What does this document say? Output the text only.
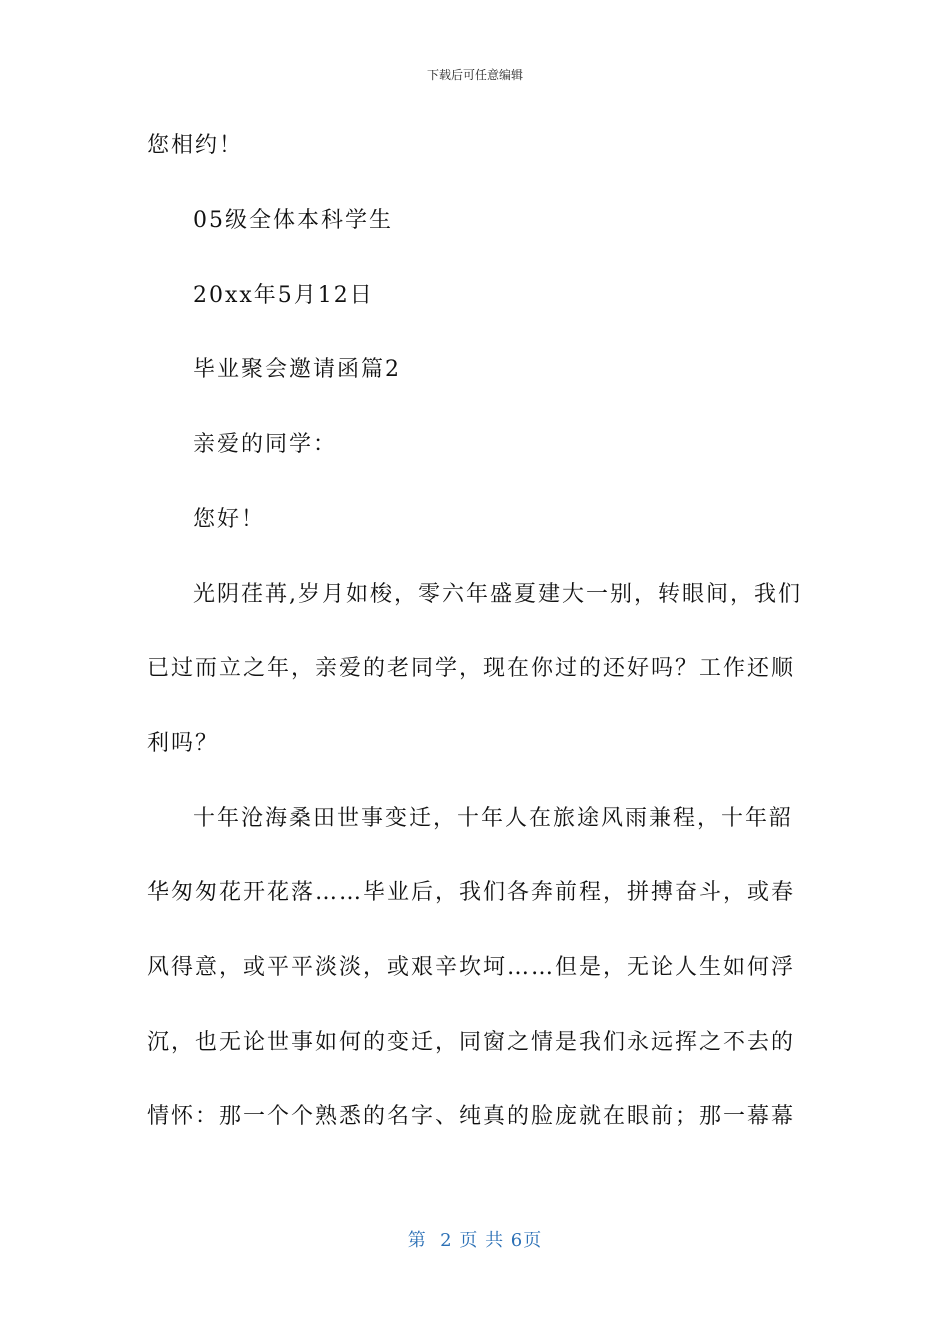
下载后可任意编辑
您相约！
05级全体本科学生
20xx年5月12日
毕业聚会邀请函篇2
亲爱的同学：
您好！
光阴荏苒,岁月如梭，零六年盛夏建大一别，转眼间，我们
已过而立之年，亲爱的老同学，现在你过的还好吗？工作还顺
利吗？
十年沧海桑田世事变迁，十年人在旅途风雨兼程，十年韶
华匆匆花开花落……毕业后，我们各奔前程，拼搏奋斗，或春
风得意，或平平淡淡，或艰辛坎坷……但是，无论人生如何浮
沉，也无论世事如何的变迁，同窗之情是我们永远挥之不去的
情怀：那一个个熟悉的名字、纯真的脸庞就在眼前；那一幕幕
第  2 页 共 6页
